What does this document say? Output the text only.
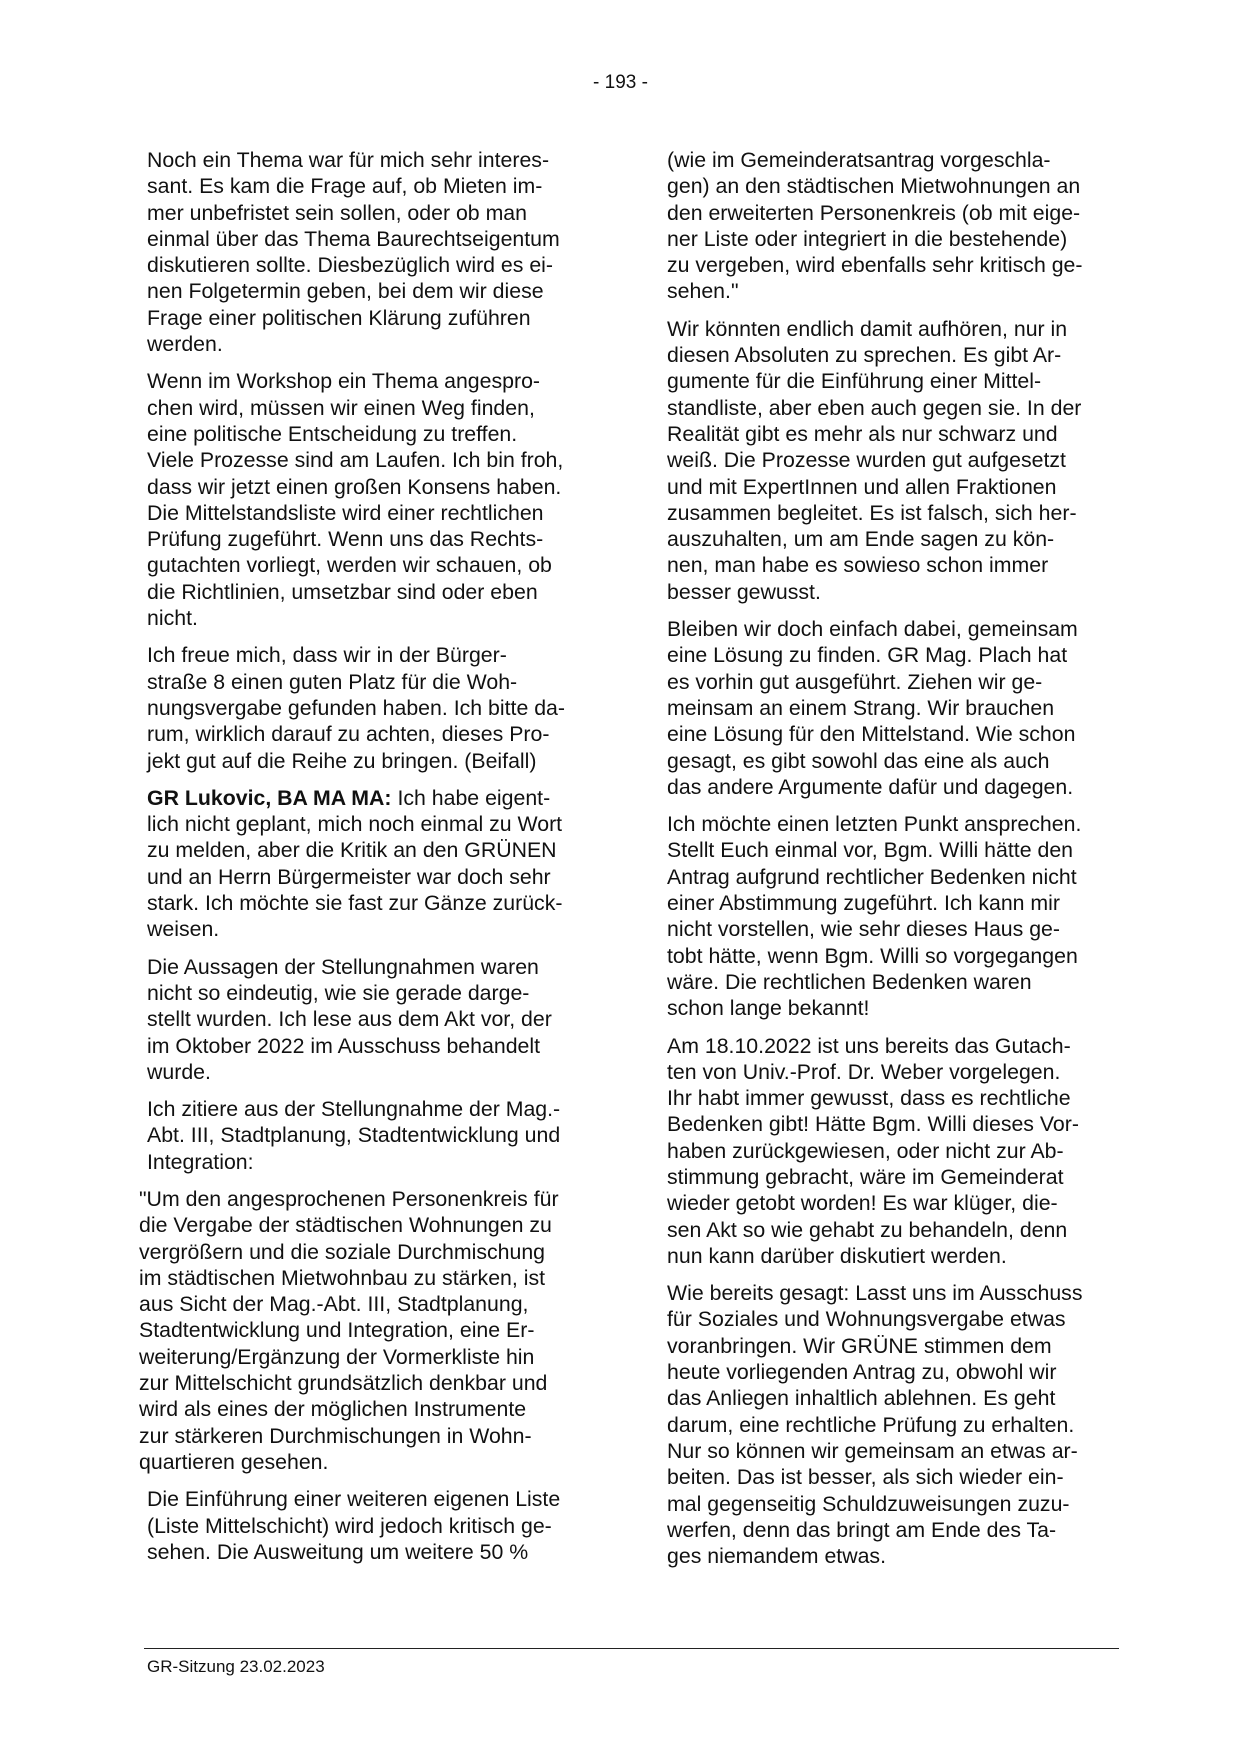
- 193 -

Noch ein Thema war für mich sehr interes-
sant. Es kam die Frage auf, ob Mieten im-
mer unbefristet sein sollen, oder ob man
einmal über das Thema Baurechtseigentum
diskutieren sollte. Diesbezüglich wird es ei-
nen Folgetermin geben, bei dem wir diese
Frage einer politischen Klärung zuführen
werden.

Wenn im Workshop ein Thema angespro-
chen wird, müssen wir einen Weg finden,
eine politische Entscheidung zu treffen.
Viele Prozesse sind am Laufen. Ich bin froh,
dass wir jetzt einen großen Konsens haben.
Die Mittelstandsliste wird einer rechtlichen
Prüfung zugeführt. Wenn uns das Rechts-
gutachten vorliegt, werden wir schauen, ob
die Richtlinien, umsetzbar sind oder eben
nicht.

Ich freue mich, dass wir in der Bürger-
straße 8 einen guten Platz für die Woh-
nungsvergabe gefunden haben. Ich bitte da-
rum, wirklich darauf zu achten, dieses Pro-
jekt gut auf die Reihe zu bringen. (Beifall)

GR Lukovic, BA MA MA: Ich habe eigent-
lich nicht geplant, mich noch einmal zu Wort
zu melden, aber die Kritik an den GRÜNEN
und an Herrn Bürgermeister war doch sehr
stark. Ich möchte sie fast zur Gänze zurück-
weisen.

Die Aussagen der Stellungnahmen waren
nicht so eindeutig, wie sie gerade darge-
stellt wurden. Ich lese aus dem Akt vor, der
im Oktober 2022 im Ausschuss behandelt
wurde.

Ich zitiere aus der Stellungnahme der Mag.-
Abt. III, Stadtplanung, Stadtentwicklung und
Integration:

"Um den angesprochenen Personenkreis für
die Vergabe der städtischen Wohnungen zu
vergrößern und die soziale Durchmischung
im städtischen Mietwohnbau zu stärken, ist
aus Sicht der Mag.-Abt. III, Stadtplanung,
Stadtentwicklung und Integration, eine Er-
weiterung/Ergänzung der Vormerkliste hin
zur Mittelschicht grundsätzlich denkbar und
wird als eines der möglichen Instrumente
zur stärkeren Durchmischungen in Wohn-
quartieren gesehen.

Die Einführung einer weiteren eigenen Liste
(Liste Mittelschicht) wird jedoch kritisch ge-
sehen. Die Ausweitung um weitere 50 %

(wie im Gemeinderatsantrag vorgeschla-
gen) an den städtischen Mietwohnungen an
den erweiterten Personenkreis (ob mit eige-
ner Liste oder integriert in die bestehende)
zu vergeben, wird ebenfalls sehr kritisch ge-
sehen."

Wir könnten endlich damit aufhören, nur in
diesen Absoluten zu sprechen. Es gibt Ar-
gumente für die Einführung einer Mittel-
standliste, aber eben auch gegen sie. In der
Realität gibt es mehr als nur schwarz und
weiß. Die Prozesse wurden gut aufgesetzt
und mit ExpertInnen und allen Fraktionen
zusammen begleitet. Es ist falsch, sich her-
auszuhalten, um am Ende sagen zu kön-
nen, man habe es sowieso schon immer
besser gewusst.

Bleiben wir doch einfach dabei, gemeinsam
eine Lösung zu finden. GR Mag. Plach hat
es vorhin gut ausgeführt. Ziehen wir ge-
meinsam an einem Strang. Wir brauchen
eine Lösung für den Mittelstand. Wie schon
gesagt, es gibt sowohl das eine als auch
das andere Argumente dafür und dagegen.

Ich möchte einen letzten Punkt ansprechen.
Stellt Euch einmal vor, Bgm. Willi hätte den
Antrag aufgrund rechtlicher Bedenken nicht
einer Abstimmung zugeführt. Ich kann mir
nicht vorstellen, wie sehr dieses Haus ge-
tobt hätte, wenn Bgm. Willi so vorgegangen
wäre. Die rechtlichen Bedenken waren
schon lange bekannt!

Am 18.10.2022 ist uns bereits das Gutach-
ten von Univ.-Prof. Dr. Weber vorgelegen.
Ihr habt immer gewusst, dass es rechtliche
Bedenken gibt! Hätte Bgm. Willi dieses Vor-
haben zurückgewiesen, oder nicht zur Ab-
stimmung gebracht, wäre im Gemeinderat
wieder getobt worden! Es war klüger, die-
sen Akt so wie gehabt zu behandeln, denn
nun kann darüber diskutiert werden.

Wie bereits gesagt: Lasst uns im Ausschuss
für Soziales und Wohnungsvergabe etwas
voranbringen. Wir GRÜNE stimmen dem
heute vorliegenden Antrag zu, obwohl wir
das Anliegen inhaltlich ablehnen. Es geht
darum, eine rechtliche Prüfung zu erhalten.
Nur so können wir gemeinsam an etwas ar-
beiten. Das ist besser, als sich wieder ein-
mal gegenseitig Schuldzuweisungen zuzu-
werfen, denn das bringt am Ende des Ta-
ges niemandem etwas.

GR-Sitzung 23.02.2023
